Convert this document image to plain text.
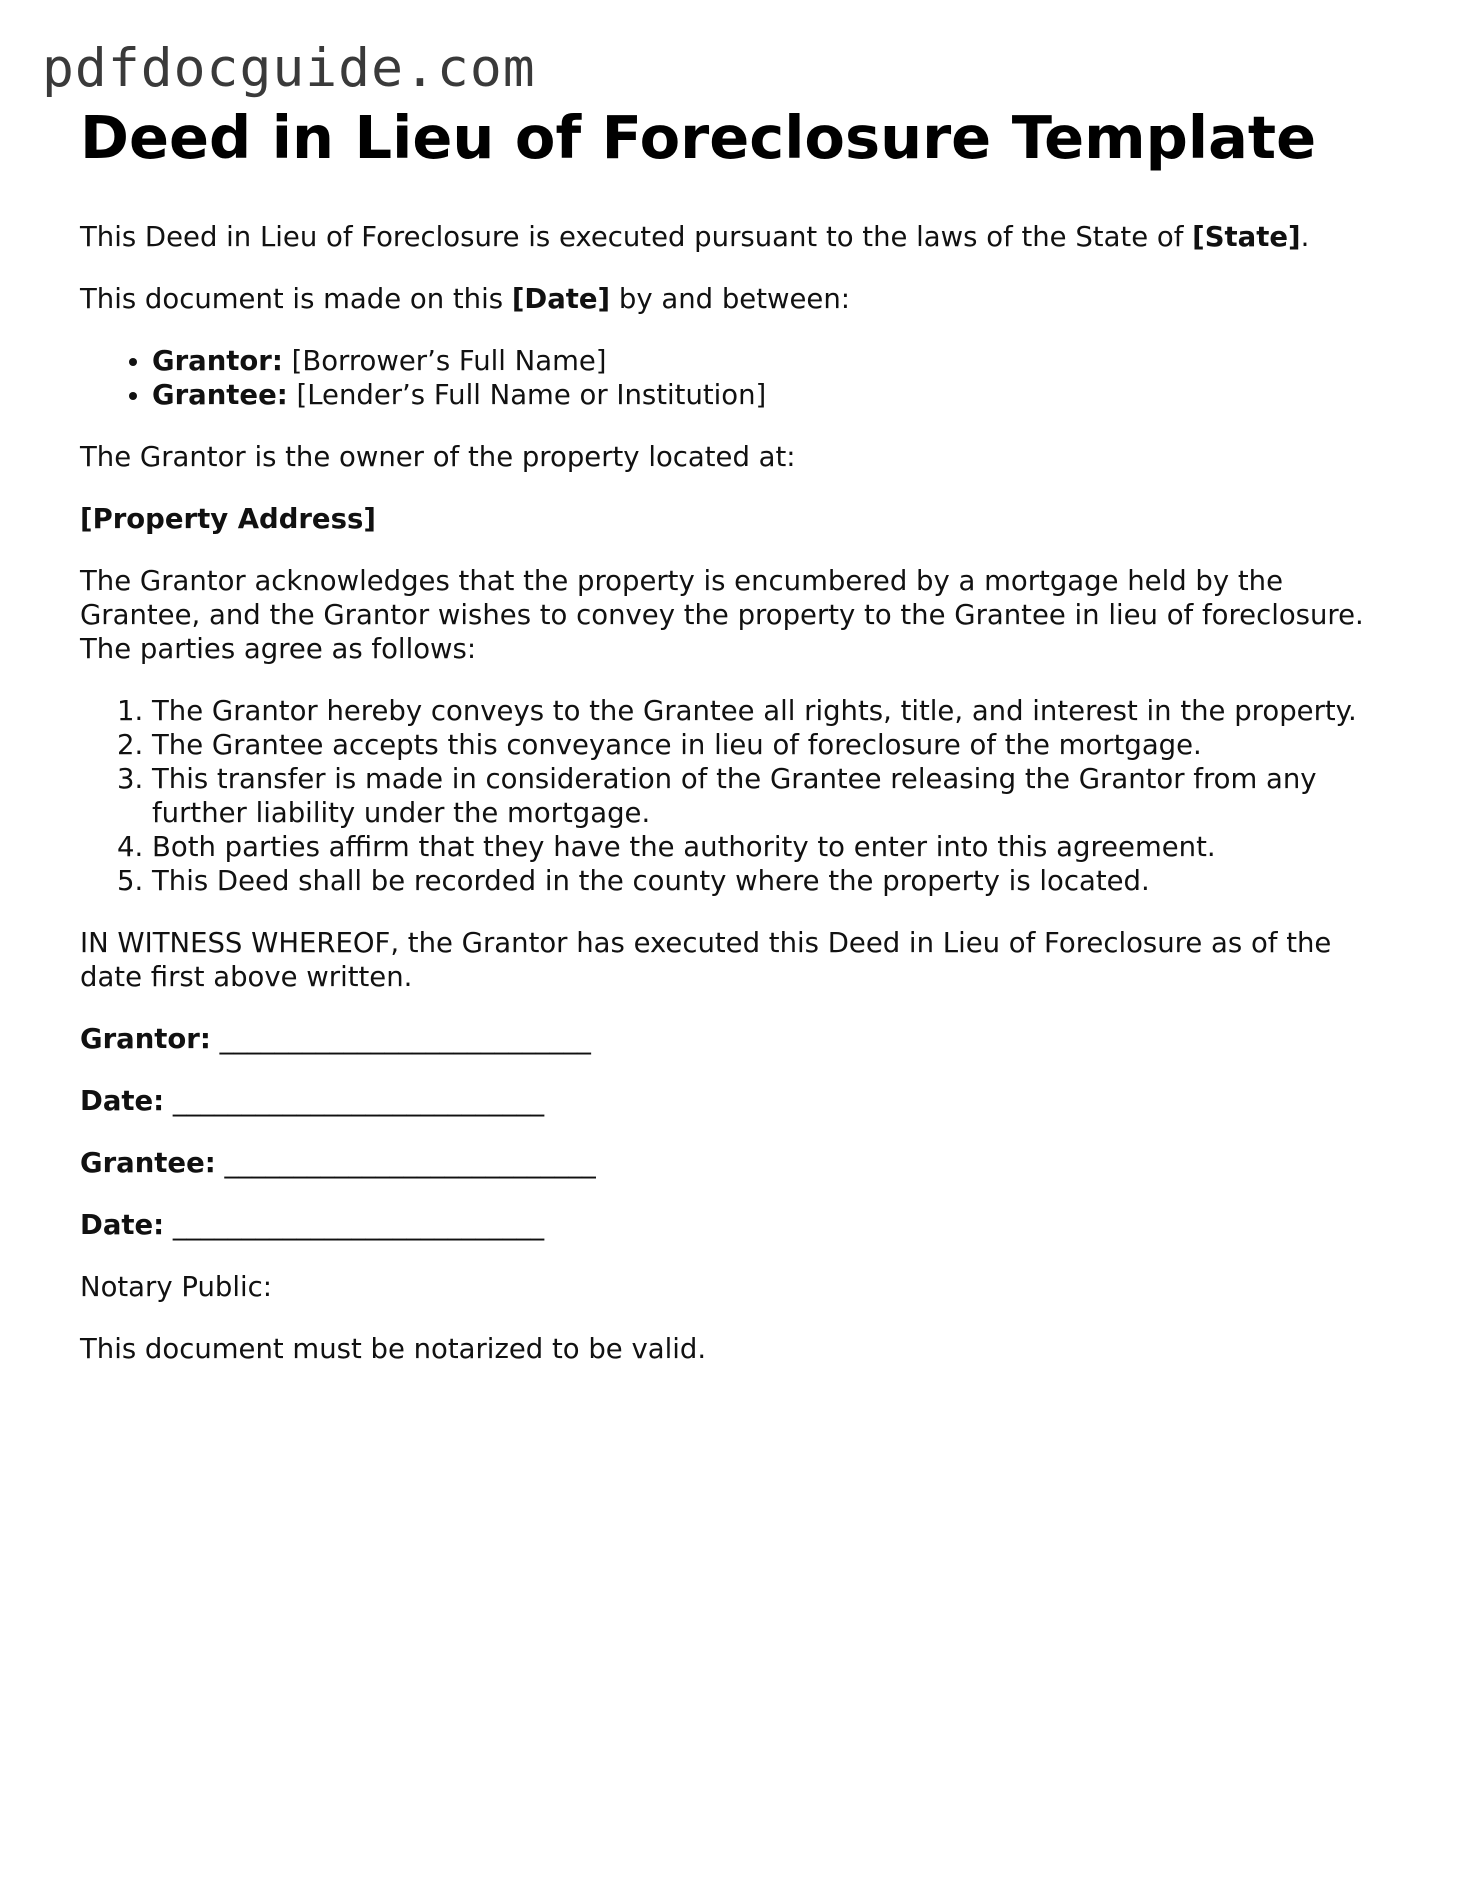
pdfdocguide.com
Deed in Lieu of Foreclosure Template

This Deed in Lieu of Foreclosure is executed pursuant to the laws of the State of [State].

This document is made on this [Date] by and between:

• Grantor: [Borrower’s Full Name]
• Grantee: [Lender’s Full Name or Institution]

The Grantor is the owner of the property located at:

[Property Address]

The Grantor acknowledges that the property is encumbered by a mortgage held by the Grantee, and the Grantor wishes to convey the property to the Grantee in lieu of foreclosure. The parties agree as follows:

1. The Grantor hereby conveys to the Grantee all rights, title, and interest in the property.
2. The Grantee accepts this conveyance in lieu of foreclosure of the mortgage.
3. This transfer is made in consideration of the Grantee releasing the Grantor from any further liability under the mortgage.
4. Both parties affirm that they have the authority to enter into this agreement.
5. This Deed shall be recorded in the county where the property is located.

IN WITNESS WHEREOF, the Grantor has executed this Deed in Lieu of Foreclosure as of the date first above written.

Grantor: ___________________________

Date: ___________________________

Grantee: ___________________________

Date: ___________________________

Notary Public:

This document must be notarized to be valid.
